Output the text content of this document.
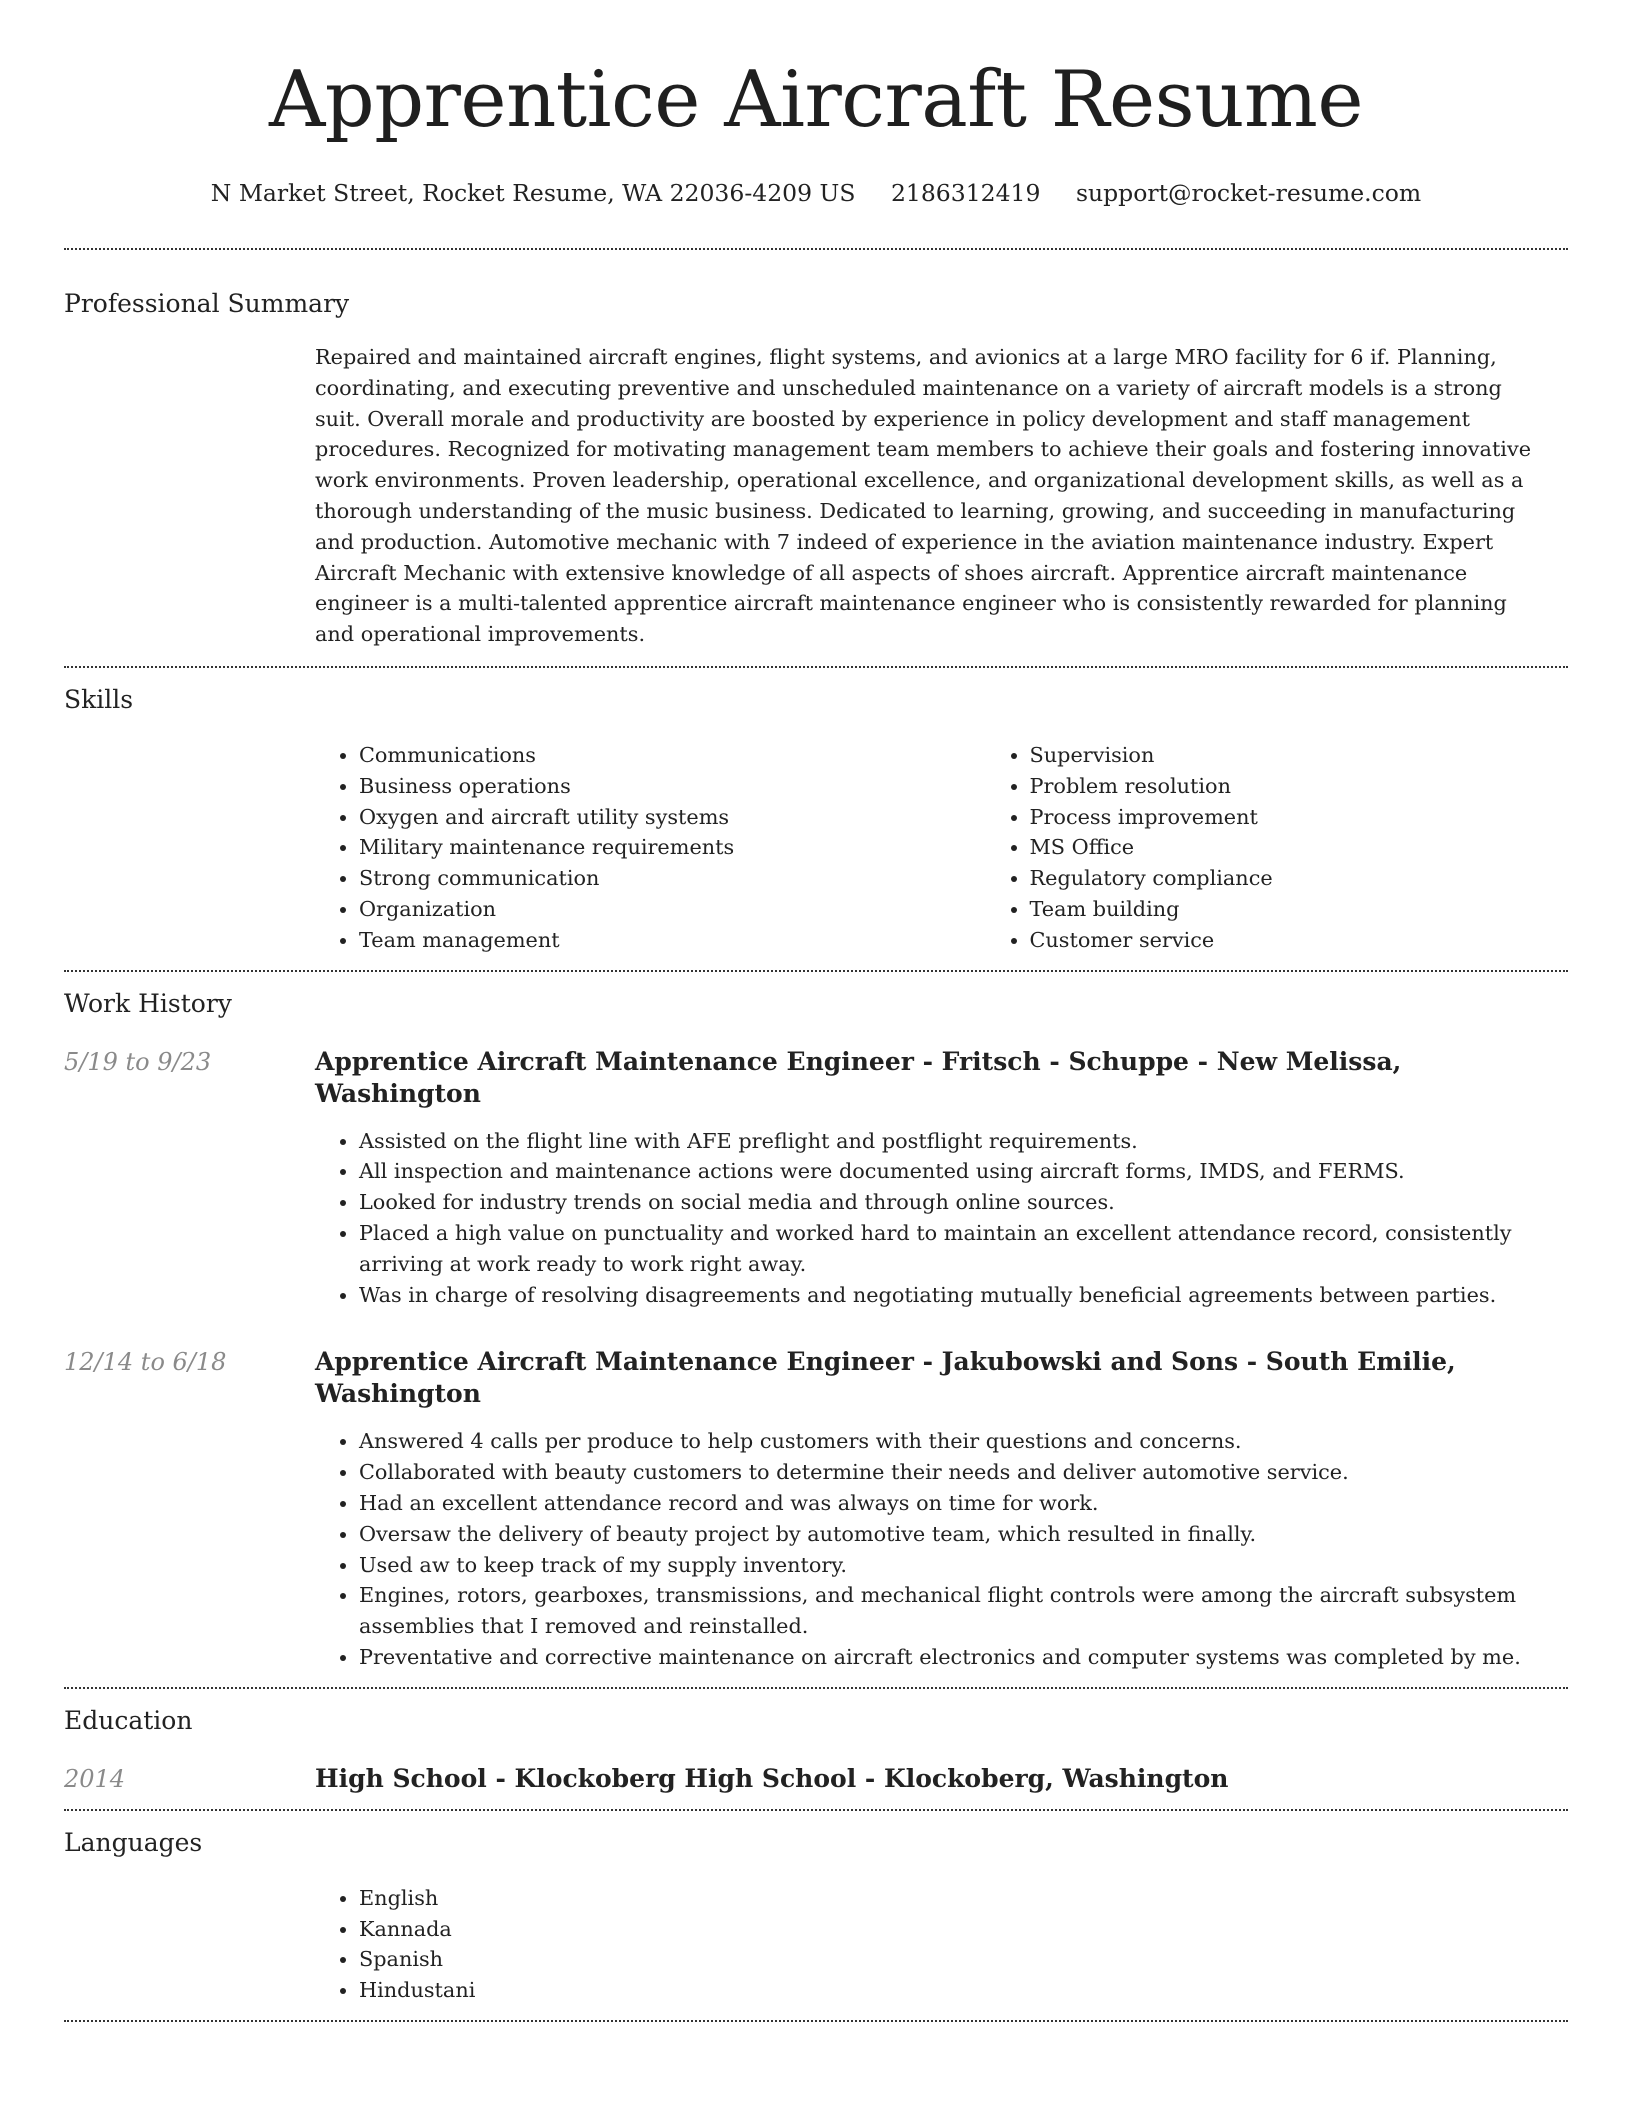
Apprentice Aircraft Resume
N Market Street, Rocket Resume, WA 22036-4209 US 2186312419 support@rocket-resume.com
Professional Summary

Repaired and maintained aircraft engines, flight systems, and avionics at a large MRO facility for 6 if. Planning, coordinating, and executing preventive and unscheduled maintenance on a variety of aircraft models is a strong suit. Overall morale and productivity are boosted by experience in policy development and staff management procedures. Recognized for motivating management team members to achieve their goals and fostering innovative work environments. Proven leadership, operational excellence, and organizational development skills, as well as a thorough understanding of the music business. Dedicated to learning, growing, and succeeding in manufacturing and production. Automotive mechanic with 7 indeed of experience in the aviation maintenance industry. Expert Aircraft Mechanic with extensive knowledge of all aspects of shoes aircraft. Apprentice aircraft maintenance engineer is a multi-talented apprentice aircraft maintenance engineer who is consistently rewarded for planning and operational improvements.

Skills
• Communications
• Business operations
• Oxygen and aircraft utility systems
• Military maintenance requirements
• Strong communication
• Organization
• Team management
• Supervision
• Problem resolution
• Process improvement
• MS Office
• Regulatory compliance
• Team building
• Customer service
Work History
5/19 to 9/23	Apprentice Aircraft Maintenance Engineer - Fritsch - Schuppe - New Melissa, Washington
• Assisted on the flight line with AFE preflight and postflight requirements.
• All inspection and maintenance actions were documented using aircraft forms, IMDS, and FERMS.
• Looked for industry trends on social media and through online sources.
• Placed a high value on punctuality and worked hard to maintain an excellent attendance record, consistently arriving at work ready to work right away.
• Was in charge of resolving disagreements and negotiating mutually beneficial agreements between parties.
12/14 to 6/18	Apprentice Aircraft Maintenance Engineer - Jakubowski and Sons - South Emilie, Washington
• Answered 4 calls per produce to help customers with their questions and concerns.
• Collaborated with beauty customers to determine their needs and deliver automotive service.
• Had an excellent attendance record and was always on time for work.
• Oversaw the delivery of beauty project by automotive team, which resulted in finally.
• Used aw to keep track of my supply inventory.
• Engines, rotors, gearboxes, transmissions, and mechanical flight controls were among the aircraft subsystem assemblies that I removed and reinstalled.
• Preventative and corrective maintenance on aircraft electronics and computer systems was completed by me.
Education
2014	High School - Klockoberg High School - Klockoberg, Washington
Languages
• English
• Kannada
• Spanish
• Hindustani
